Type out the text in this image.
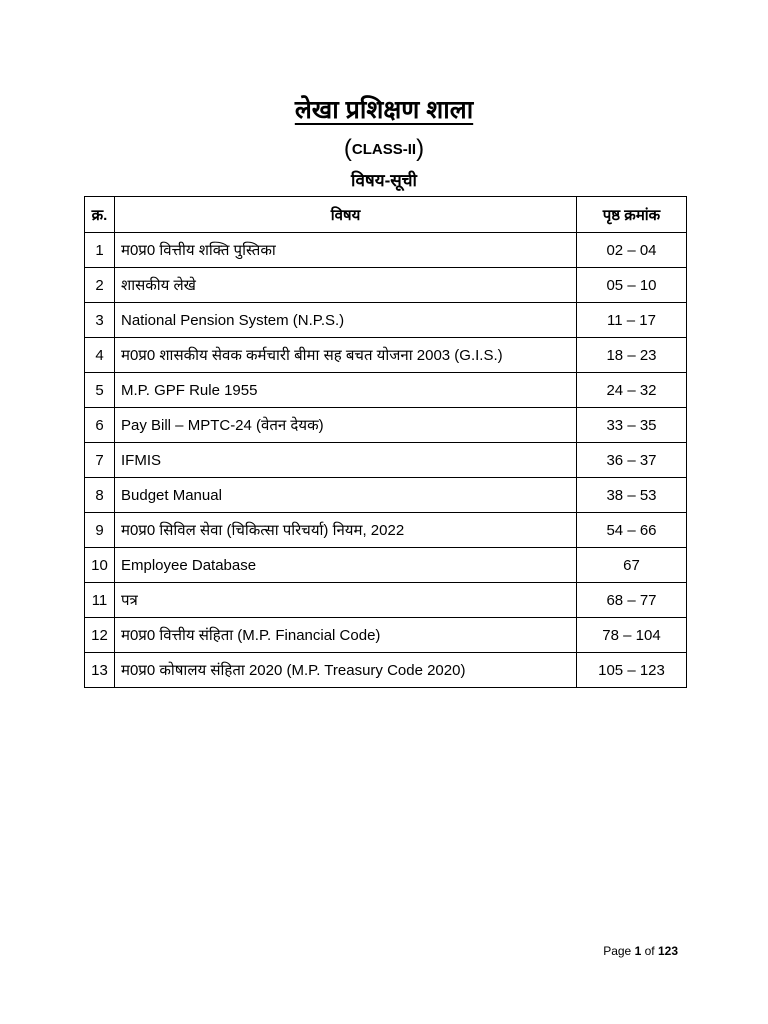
लेखा प्रशिक्षण शाला
(CLASS-II)
विषय-सूची
क्र.	विषय	पृष्ठ क्रमांक
1	म0प्र0 वित्तीय शक्ति पुस्तिका	02 – 04
2	शासकीय लेखे	05 – 10
3	National Pension System (N.P.S.)	11 – 17
4	म0प्र0 शासकीय सेवक कर्मचारी बीमा सह बचत योजना 2003 (G.I.S.)	18 – 23
5	M.P. GPF Rule 1955	24 – 32
6	Pay Bill – MPTC-24 (वेतन देयक)	33 – 35
7	IFMIS	36 – 37
8	Budget Manual	38 – 53
9	म0प्र0 सिविल सेवा (चिकित्सा परिचर्या) नियम, 2022	54 – 66
10	Employee Database	67
11	पत्र	68 – 77
12	म0प्र0 वित्तीय संहिता (M.P. Financial Code)	78 – 104
13	म0प्र0 कोषालय संहिता 2020 (M.P. Treasury Code 2020)	105 – 123
Page 1 of 123
